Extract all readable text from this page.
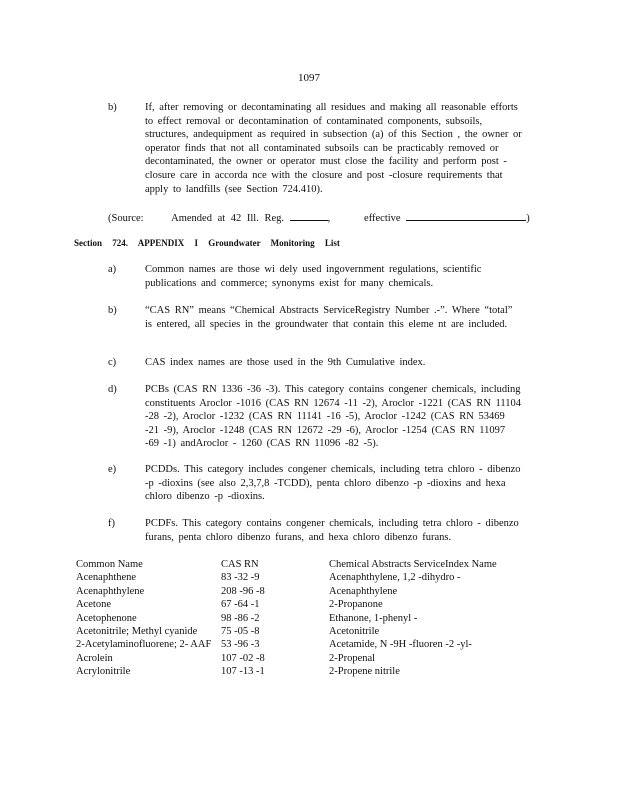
1097
b)	If, after removing or decontaminating all residues and making all reasonable efforts to effect removal or decontamination of contaminated components, subsoils, structures, andequipment as required in subsection (a) of this Section , the owner or operator finds that not all contaminated subsoils can be practicably removed or decontaminated, the owner or operator must close the facility and perform post -closure care in accorda nce with the closure and post -closure requirements that apply to landfills (see Section 724.410).
(Source:	Amended at 42 Ill. Reg.	,	effective	)
Section 724. APPENDIX I Groundwater Monitoring List
a)	Common names are those wi dely used ingovernment regulations, scientific publications and commerce; synonyms exist for many chemicals.
b)	“CAS RN” means “Chemical Abstracts ServiceRegistry Number .-”. Where “total” is entered, all species in the groundwater that contain this eleme nt are included.
c)	CAS index names are those used in the 9th Cumulative index.
d)	PCBs (CAS RN 1336 -36 -3). This category contains congener chemicals, including constituents Aroclor -1016 (CAS RN 12674 -11 -2), Aroclor -1221 (CAS RN 11104 -28 -2), Aroclor -1232 (CAS RN 11141 -16 -5), Aroclor -1242 (CAS RN 53469 -21 -9), Aroclor -1248 (CAS RN 12672 -29 -6), Aroclor -1254 (CAS RN 11097 -69 -1) andAroclor - 1260 (CAS RN 11096 -82 -5).
e)	PCDDs. This category includes congener chemicals, including tetra chloro - dibenzo -p -dioxins (see also 2,3,7,8 -TCDD), penta chloro dibenzo -p -dioxins and hexa chloro dibenzo -p -dioxins.
f)	PCDFs. This category contains congener chemicals, including tetra chloro - dibenzo furans, penta chloro dibenzo furans, and hexa chloro dibenzo furans.
Common Name	CAS RN	Chemical Abstracts ServiceIndex Name
Acenaphthene	83 -32 -9	Acenaphthylene, 1,2 -dihydro -
Acenaphthylene	208 -96 -8	Acenaphthylene
Acetone	67 -64 -1	2-Propanone
Acetophenone	98 -86 -2	Ethanone, 1-phenyl -
Acetonitrile; Methyl cyanide	75 -05 -8	Acetonitrile
2-Acetylaminofluorene; 2- AAF	53 -96 -3	Acetamide, N -9H -fluoren -2 -yl-
Acrolein	107 -02 -8	2-Propenal
Acrylonitrile	107 -13 -1	2-Propene nitrile
